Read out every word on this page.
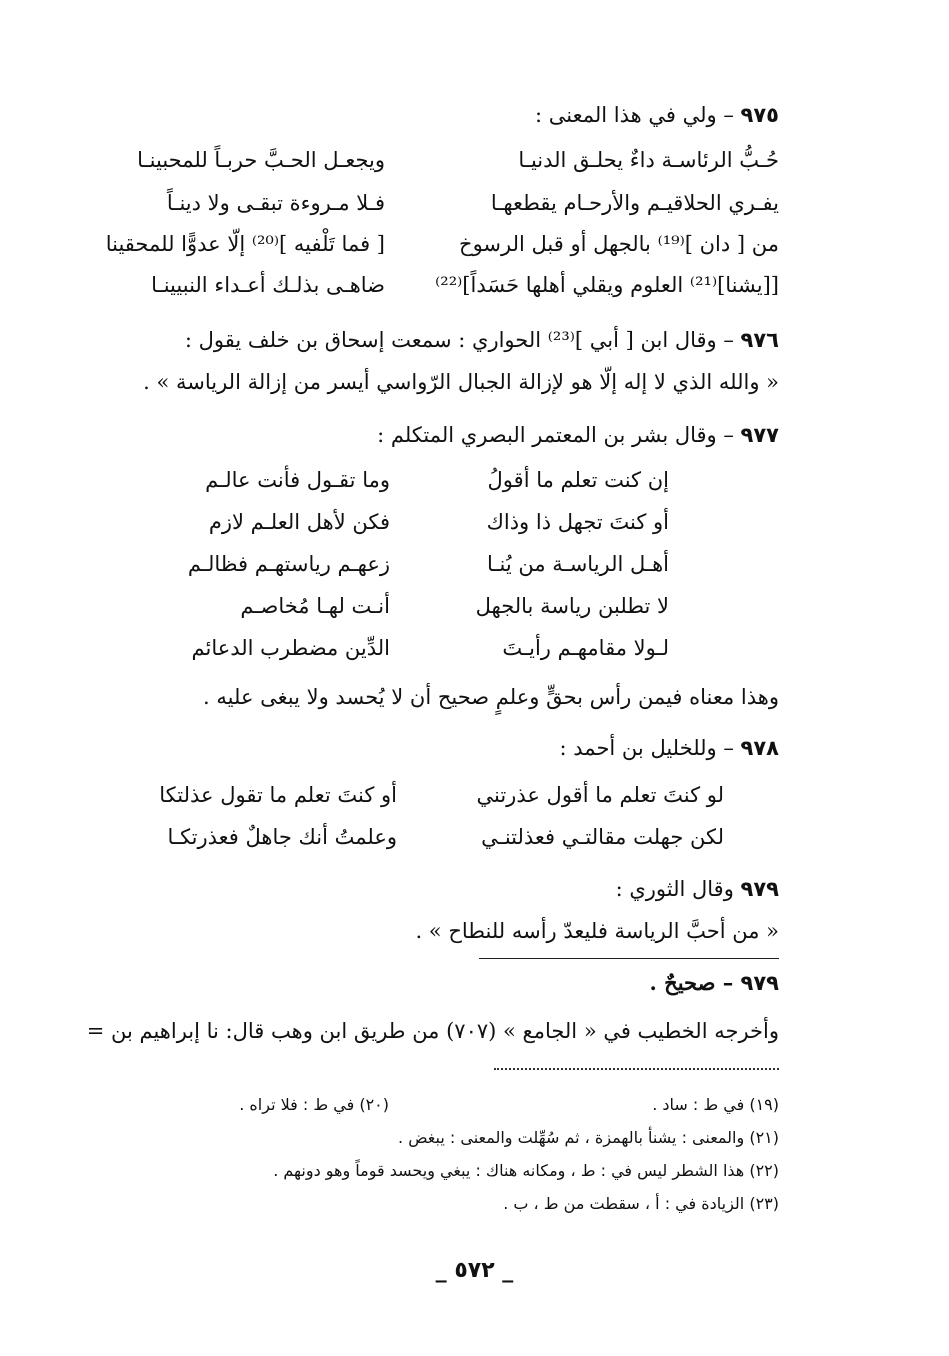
٩٧٥ – ولي في هذا المعنى :
حُـبُّ الرئاسـة داءٌ يحلـق الدنيـا
ويجعـل الحـبَّ حربـاً للمحبينـا
يفـري الحلاقيـم والأرحـام يقطعهـا
فـلا مـروءة تبقـى ولا دينـاً
من [ دان ]⁽¹⁹⁾ بالجهل أو قبل الرسوخ
[ فما تَلْفيه ]⁽²⁰⁾ إلّا عدوًّا للمحقينا
[[يشنا]⁽²¹⁾ العلوم ويقلي أهلها حَسَداً]⁽²²⁾
ضاهـى بذلـك أعـداء النبيينـا
٩٧٦ – وقال ابن [ أبي ]⁽²³⁾ الحواري : سمعت إسحاق بن خلف يقول :
« والله الذي لا إله إلّا هو لإزالة الجبال الرّواسي أيسر من إزالة الرياسة » .
٩٧٧ – وقال بشر بن المعتمر البصري المتكلم :
إن كنت تعلم ما أقولُ
وما تقـول فأنت عالـم
أو كنتَ تجهل ذا وذاك
فكن لأهل العلـم لازم
أهـل الرياسـة من يُنـا
زعهـم رياستهـم فظالـم
لا تطلبن رياسة بالجهل
أنـت لهـا مُخاصـم
لـولا مقامهـم رأيـتَ
الدِّين مضطرب الدعائم
وهذا معناه فيمن رأس بحقٍّ وعلمٍ صحيح أن لا يُحسد ولا يبغى عليه .
٩٧٨ – وللخليل بن أحمد :
لو كنتَ تعلم ما أقول عذرتني
أو كنتَ تعلم ما تقول عذلتكا
لكن جهلت مقالتـي فعذلتنـي
وعلمتُ أنك جاهلٌ فعذرتكـا
٩٧٩ وقال الثوري :
« من أحبَّ الرياسة فليعدّ رأسه للنطاح » .
٩٧٩ – صحيحٌ .
وأخرجه الخطيب في « الجامع » (٧٠٧) من طريق ابن وهب قال: نا إبراهيم بن =
(١٩) في ط : ساد .
(٢٠) في ط : فلا تراه .
(٢١) والمعنى : يشنأ بالهمزة ، ثم سُهِّلت والمعنى : يبغض .
(٢٢) هذا الشطر ليس في : ط ، ومكانه هناك : يبغي ويحسد قوماً وهو دونهم .
(٢٣) الزيادة في : أ ، سقطت من ط ، ب .
_ ٥٧٢ _
